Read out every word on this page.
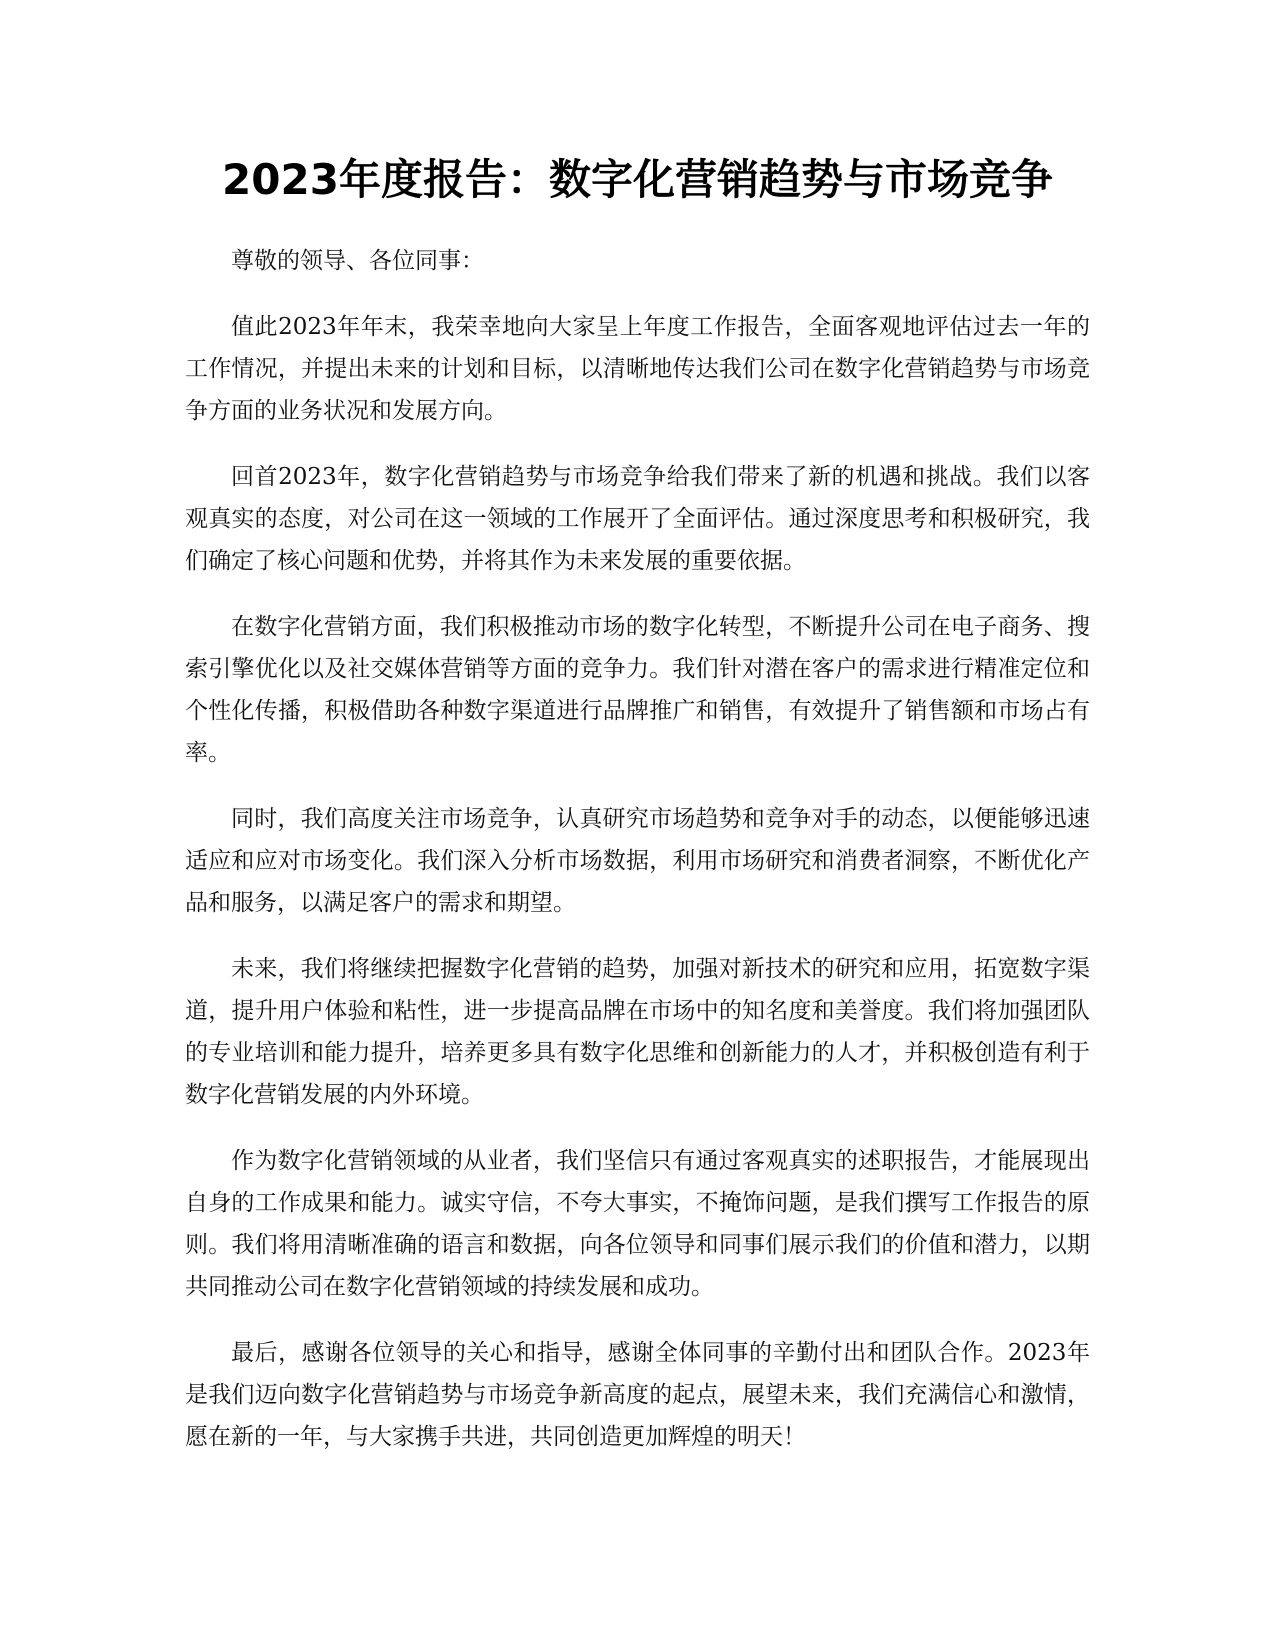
2023年度报告：数字化营销趋势与市场竞争

尊敬的领导、各位同事：

值此2023年年末，我荣幸地向大家呈上年度工作报告，全面客观地评估过去一年的工作情况，并提出未来的计划和目标，以清晰地传达我们公司在数字化营销趋势与市场竞争方面的业务状况和发展方向。

回首2023年，数字化营销趋势与市场竞争给我们带来了新的机遇和挑战。我们以客观真实的态度，对公司在这一领域的工作展开了全面评估。通过深度思考和积极研究，我们确定了核心问题和优势，并将其作为未来发展的重要依据。

在数字化营销方面，我们积极推动市场的数字化转型，不断提升公司在电子商务、搜索引擎优化以及社交媒体营销等方面的竞争力。我们针对潜在客户的需求进行精准定位和个性化传播，积极借助各种数字渠道进行品牌推广和销售，有效提升了销售额和市场占有率。

同时，我们高度关注市场竞争，认真研究市场趋势和竞争对手的动态，以便能够迅速适应和应对市场变化。我们深入分析市场数据，利用市场研究和消费者洞察，不断优化产品和服务，以满足客户的需求和期望。

未来，我们将继续把握数字化营销的趋势，加强对新技术的研究和应用，拓宽数字渠道，提升用户体验和粘性，进一步提高品牌在市场中的知名度和美誉度。我们将加强团队的专业培训和能力提升，培养更多具有数字化思维和创新能力的人才，并积极创造有利于数字化营销发展的内外环境。

作为数字化营销领域的从业者，我们坚信只有通过客观真实的述职报告，才能展现出自身的工作成果和能力。诚实守信，不夸大事实，不掩饰问题，是我们撰写工作报告的原则。我们将用清晰准确的语言和数据，向各位领导和同事们展示我们的价值和潜力，以期共同推动公司在数字化营销领域的持续发展和成功。

最后，感谢各位领导的关心和指导，感谢全体同事的辛勤付出和团队合作。2023年是我们迈向数字化营销趋势与市场竞争新高度的起点，展望未来，我们充满信心和激情，愿在新的一年，与大家携手共进，共同创造更加辉煌的明天！
